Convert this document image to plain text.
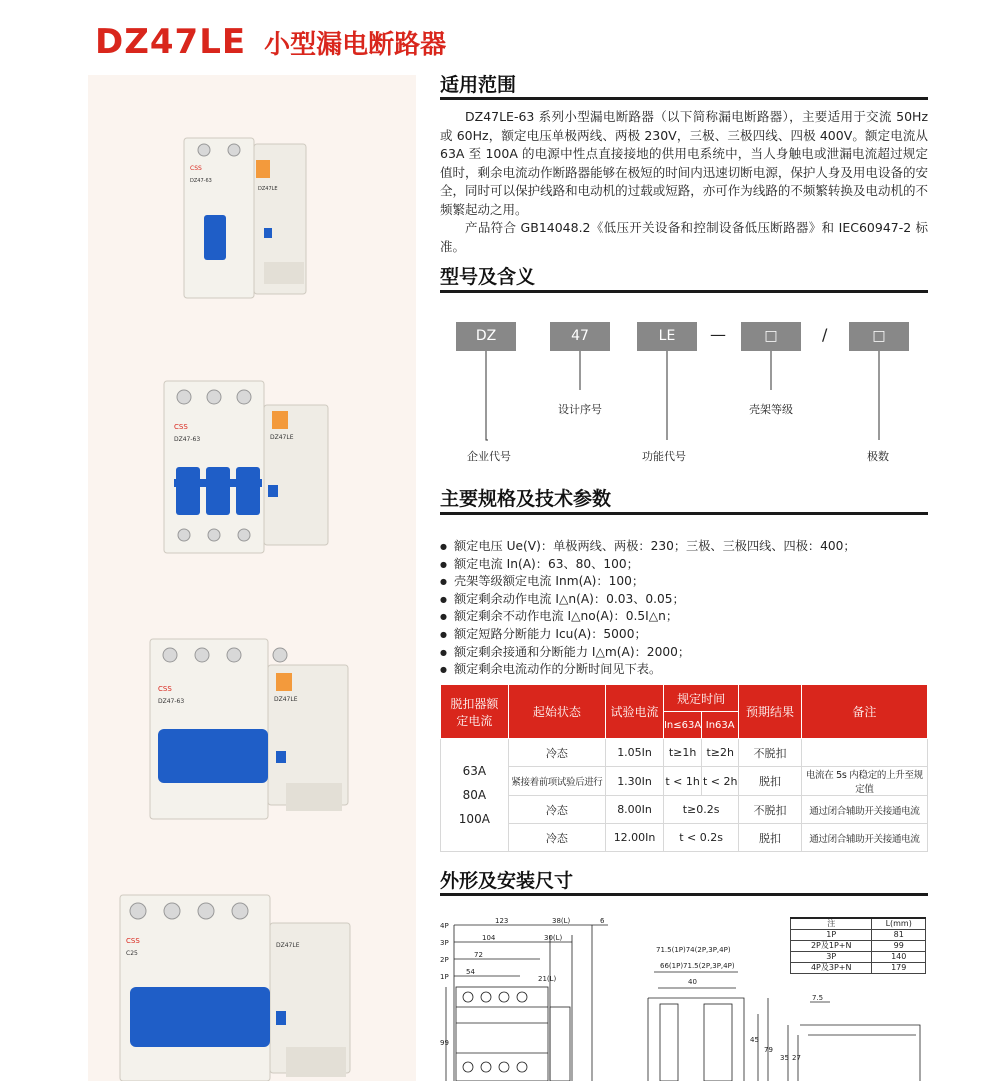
DZ47LE 小型漏电断路器
CSS
DZ47-63
DZ47LE
CSS
DZ47-63	DZ47LE
CSS
DZ47-63	DZ47LE
CSS
C25
DZ47LE
适用范围

DZ47LE-63 系列小型漏电断路器（以下简称漏电断路器），主要适用于交流 50Hz 或 60Hz，额定电压单极两线、两极 230V，三极、三极四线、四极 400V。额定电流从 63A 至 100A 的电源中性点直接接地的供用电系统中，当人身触电或泄漏电流超过规定值时，剩余电流动作断路器能够在极短的时间内迅速切断电源，保护人身及用电设备的安全，同时可以保护线路和电动机的过载或短路，亦可作为线路的不频繁转换及电动机的不频繁起动之用。

产品符合 GB14048.2《低压开关设备和控制设备低压断路器》和 IEC60947-2 标准。

型号及含义
DZ	47	LE	—	□	/	□
设计序号	壳架等级
企业代号	功能代号	极数
主要规格及技术参数
● 额定电压 Ue(V)：单极两线、两极：230；三极、三极四线、四极：400；
● 额定电流 In(A)：63、80、100；
● 壳架等级额定电流 Inm(A)：100；
● 额定剩余动作电流 I△n(A)：0.03、0.05；
● 额定剩余不动作电流 I△no(A)：0.5I△n；
● 额定短路分断能力 Icu(A)：5000；
● 额定剩余接通和分断能力 I△m(A)：2000；
● 额定剩余电流动作的分断时间见下表。
脱扣器额
定电流	起始状态	试验电流	规定时间		预期结果	备注
			In≤63A	In63A		
63A
80A
100A	冷态	1.05In	t≥1h	t≥2h	不脱扣	
	紧接着前项试验后进行	1.30In	t < 1h	t < 2h	脱扣	电流在 5s 内稳定的上升至规定值
	冷态	8.00In	t≥0.2s		不脱扣	通过闭合辅助开关接通电流
	冷态	12.00In	t < 0.2s		脱扣	通过闭合辅助开关接通电流
外形及安装尺寸
4P
3P
2P
1P
123
104
72
54
38(L)
30(L)
21(L)
6
99
71.5(1P)74(2P,3P,4P)
66(1P)71.5(2P,3P,4P)
40
45
79
注	L(mm)
1P	81
2P及1P+N	99
3P	140
4P及3P+N	179
7.5
35 27
